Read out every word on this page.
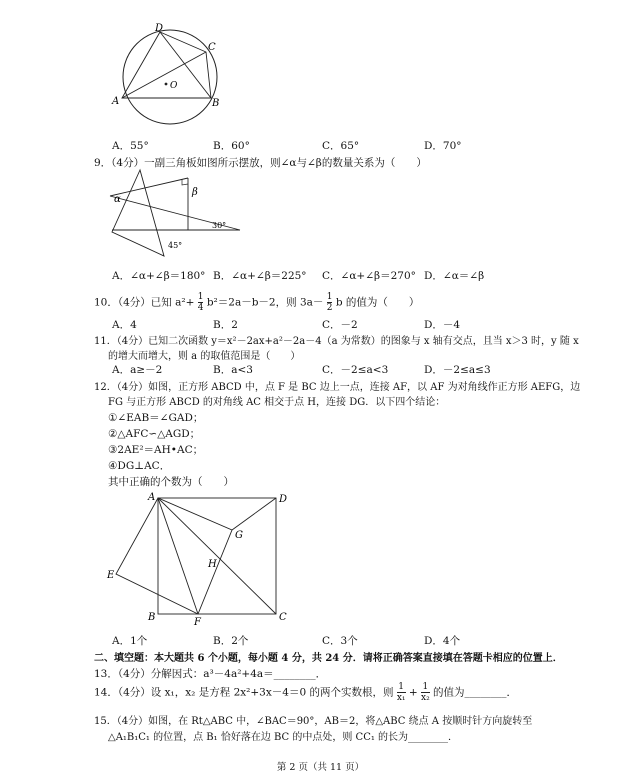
D
C
O
A	B
A．55°	B．60°	C．65°	D．70°
9．（4分）一副三角板如图所示摆放，则∠α与∠β的数量关系为（　　）
α
β
30°
45°
A．∠α+∠β＝180° B．∠α+∠β＝225° C．∠α+∠β＝270° D．∠α＝∠β
10．（4分）已知 $a^2+ \frac{1}{4} b^2=2a-b-2$，则 $3a- \frac{1}{2}$ b 的值为（　　）
A．4	B．2	C．－2	D．－4
11．（4分）已知二次函数 y＝x²－2ax+a²－2a－4（a 为常数）的图象与 x 轴有交点，且当 x＞3 时，y 随 x
的增大而增大，则 a 的取值范围是（　　）
A．a≥－2	B．a<3	C．－2≤a<3	D．－2≤a≤3
12．（4分）如图，正方形 ABCD 中，点 F 是 BC 边上一点，连接 AF，以 AF 为对角线作正方形 AEFG，边
FG 与正方形 ABCD 的对角线 AC 相交于点 H，连接 DG．以下四个结论：
①∠EAB＝∠GAD；
②△AFC∽△AGD；
③2AE²＝AH•AC；
④DG⊥AC．
其中正确的个数为（　　）
A	D
G
H
E
B	F	C
A．1个	B．2个	C．3个	D．4个
二、填空题：本大题共 6 个小题，每小题 4 分，共 24 分．请将正确答案直接填在答题卡相应的位置上．
13．（4分）分解因式：a³－4a²+4a＝________．
14．（4分）设 x₁，x₂ 是方程 2x²+3x－4＝0 的两个实数根，则 $\frac{1}{\text{x₁}} + \frac{1}{\text{x₂}}$ 的值为________．
15．（4分）如图，在 Rt△ABC 中，∠BAC＝90°，AB＝2，将△ABC 绕点 A 按顺时针方向旋转至
△A₁B₁C₁ 的位置，点 B₁ 恰好落在边 BC 的中点处，则 CC₁ 的长为________．
第 2 页（共 11 页）
